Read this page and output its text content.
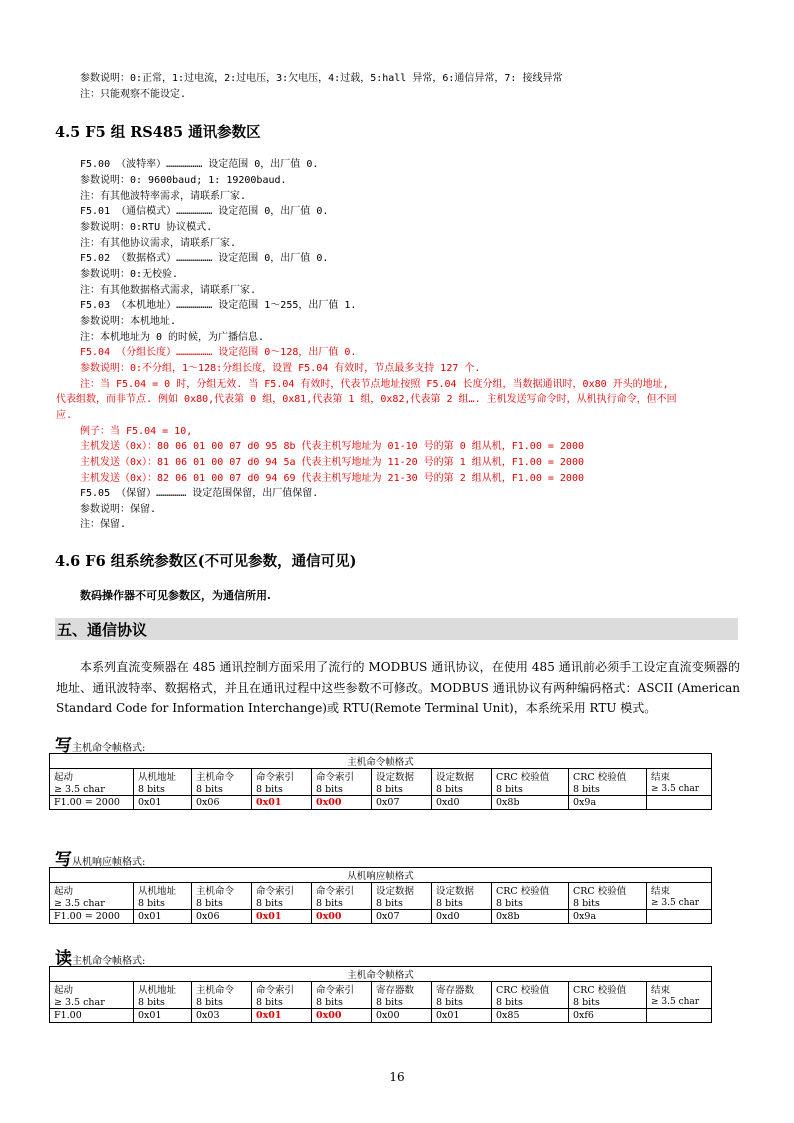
参数说明：0:正常，1:过电流，2:过电压，3:欠电压，4:过载，5:hall 异常，6:通信异常，7: 接线异常
注：只能观察不能设定.
4.5 F5 组 RS485 通讯参数区
F5.00 （波特率）……………… 设定范围 0，出厂值 0.
参数说明：0: 9600baud; 1: 19200baud.
注：有其他波特率需求，请联系厂家.
F5.01 （通信模式）……………… 设定范围 0，出厂值 0.
参数说明：0:RTU 协议模式.
注：有其他协议需求，请联系厂家.
F5.02 （数据格式）……………… 设定范围 0，出厂值 0.
参数说明：0:无校验.
注：有其他数据格式需求，请联系厂家.
F5.03 （本机地址）……………… 设定范围 1～255，出厂值 1.
参数说明：本机地址.
注：本机地址为 0 的时候，为广播信息.
F5.04 （分组长度）……………… 设定范围 0～128，出厂值 0.
参数说明：0:不分组，1～128:分组长度，设置 F5.04 有效时，节点最多支持 127 个.
注：当 F5.04 = 0 时，分组无效. 当 F5.04 有效时，代表节点地址按照 F5.04 长度分组，当数据通讯时，0x80 开头的地址,
代表组数，而非节点. 例如 0x80,代表第 0 组，0x81,代表第 1 组，0x82,代表第 2 组…. 主机发送写命令时，从机执行命令，但不回
应.
例子：当 F5.04 = 10,
主机发送（0x）：80 06 01 00 07 d0 95 8b 代表主机写地址为 01-10 号的第 0 组从机，F1.00 = 2000
主机发送（0x）：81 06 01 00 07 d0 94 5a 代表主机写地址为 11-20 号的第 1 组从机，F1.00 = 2000
主机发送（0x）：82 06 01 00 07 d0 94 69 代表主机写地址为 21-30 号的第 2 组从机，F1.00 = 2000
F5.05 （保留）…………… 设定范围保留，出厂值保留.
参数说明：保留.
注：保留.
4.6 F6 组系统参数区(不可见参数，通信可见)
数码操作器不可见参数区，为通信所用.
五、通信协议
本系列直流变频器在 485 通讯控制方面采用了流行的 MODBUS 通讯协议，在使用 485 通讯前必须手工设定直流变频器的地址、通讯波特率、数据格式，并且在通讯过程中这些参数不可修改。MODBUS 通讯协议有两种编码格式：ASCII (American Standard Code for Information Interchange)或 RTU(Remote Terminal Unit)，本系统采用 RTU 模式。
写主机命令帧格式:
主机命令帧格式									
起动	从机地址	主机命令	命令索引	命令索引	设定数据	设定数据	CRC 校验值	CRC 校验值	结束
≥ 3.5 char	8 bits	8 bits	8 bits	8 bits	8 bits	8 bits	8 bits	8 bits	≥ 3.5 char
F1.00 = 2000	0x01	0x06	0x01	0x00	0x07	0xd0	0x8b	0x9a	
写从机响应帧格式:
从机响应帧格式									
起动	从机地址	主机命令	命令索引	命令索引	设定数据	设定数据	CRC 校验值	CRC 校验值	结束
≥ 3.5 char	8 bits	8 bits	8 bits	8 bits	8 bits	8 bits	8 bits	8 bits	≥ 3.5 char
F1.00 = 2000	0x01	0x06	0x01	0x00	0x07	0xd0	0x8b	0x9a	
读主机命令帧格式:
主机命令帧格式									
起动	从机地址	主机命令	命令索引	命令索引	寄存器数	寄存器数	CRC 校验值	CRC 校验值	结束
≥ 3.5 char	8 bits	8 bits	8 bits	8 bits	8 bits	8 bits	8 bits	8 bits	≥ 3.5 char
F1.00	0x01	0x03	0x01	0x00	0x00	0x01	0x85	0xf6	
16
